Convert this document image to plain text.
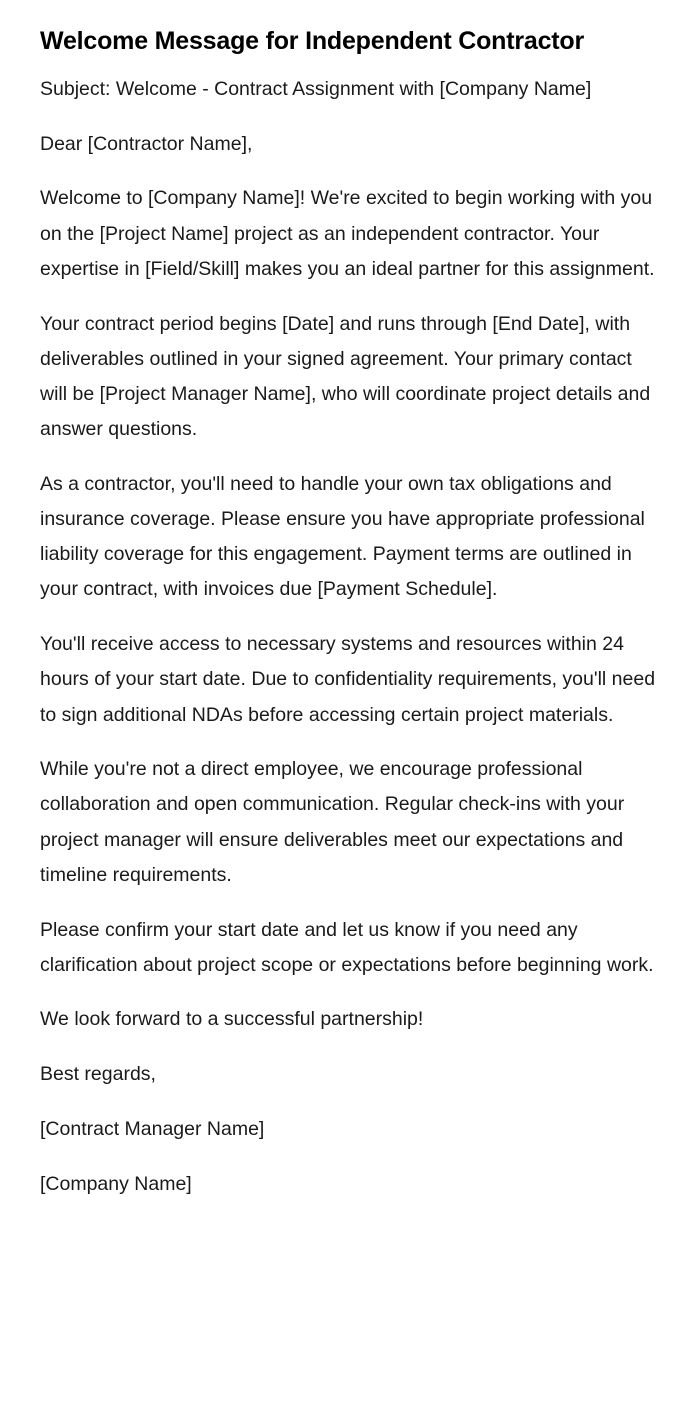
Welcome Message for Independent Contractor

Subject: Welcome - Contract Assignment with [Company Name]

Dear [Contractor Name],

Welcome to [Company Name]! We're excited to begin working with you on the [Project Name] project as an independent contractor. Your expertise in [Field/Skill] makes you an ideal partner for this assignment.

Your contract period begins [Date] and runs through [End Date], with deliverables outlined in your signed agreement. Your primary contact will be [Project Manager Name], who will coordinate project details and answer questions.

As a contractor, you'll need to handle your own tax obligations and insurance coverage. Please ensure you have appropriate professional liability coverage for this engagement. Payment terms are outlined in your contract, with invoices due [Payment Schedule].

You'll receive access to necessary systems and resources within 24 hours of your start date. Due to confidentiality requirements, you'll need to sign additional NDAs before accessing certain project materials.

While you're not a direct employee, we encourage professional collaboration and open communication. Regular check-ins with your project manager will ensure deliverables meet our expectations and timeline requirements.

Please confirm your start date and let us know if you need any clarification about project scope or expectations before beginning work.

We look forward to a successful partnership!

Best regards,

[Contract Manager Name]

[Company Name]
